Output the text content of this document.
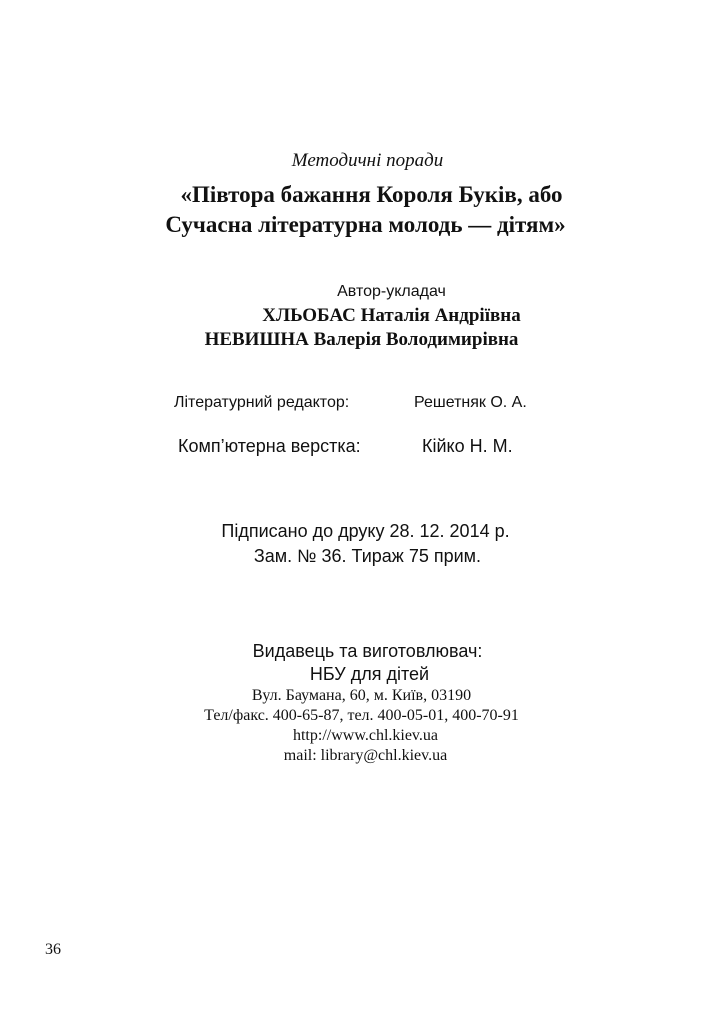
Методичні поради
«Півтора бажання Короля Буків, або
Сучасна літературна молодь — дітям»
Автор-укладач
ХЛЬОБАС Наталія Андріївна
НЕВИШНА Валерія Володимирівна
Літературний редактор:	Решетняк О. А.
Комп’ютерна верстка:	Кійко Н. М.
Підписано до друку 28. 12. 2014 р.
Зам. № 36. Тираж 75 прим.
Видавець та виготовлювач:
НБУ для дітей
Вул. Баумана, 60, м. Київ, 03190
Тел/факс. 400-65-87, тел. 400-05-01, 400-70-91
http://www.chl.kiev.ua
mail: library@chl.kiev.ua
36
